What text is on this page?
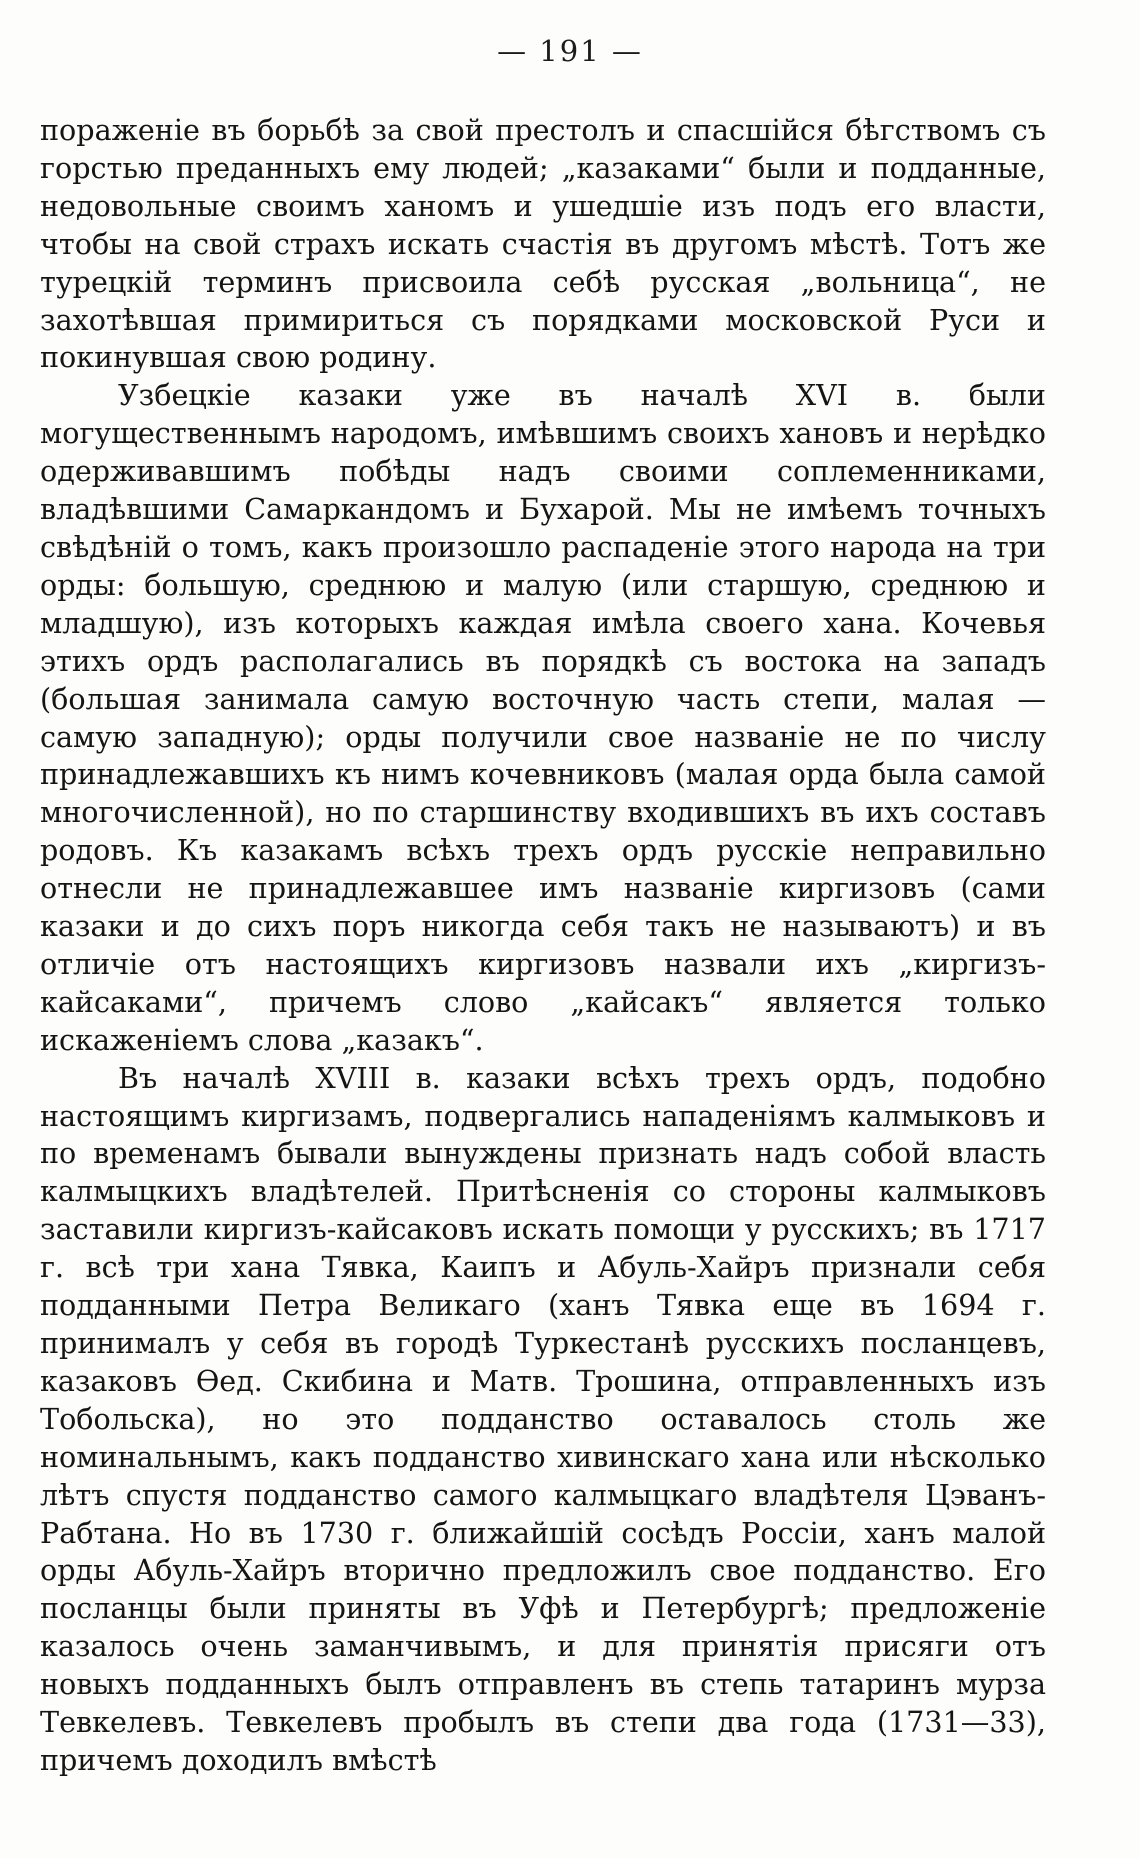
— 191 —

пораженіе въ борьбѣ за свой престолъ и спасшійся бѣгствомъ съ горстью преданныхъ ему людей; „казаками“ были и подданные, недовольные своимъ ханомъ и ушедшіе изъ подъ его власти, чтобы на свой страхъ искать счастія въ другомъ мѣстѣ. Тотъ же турецкій терминъ присвоила себѣ русская „вольница“, не захотѣвшая примириться съ порядками московской Руси и покинувшая свою родину.

Узбецкіе казаки уже въ началѣ XVI в. были могущественнымъ народомъ, имѣвшимъ своихъ хановъ и нерѣдко одерживавшимъ побѣды надъ своими соплеменниками, владѣвшими Самаркандомъ и Бухарой. Мы не имѣемъ точныхъ свѣдѣній о томъ, какъ произошло распаденіе этого народа на три орды: большую, среднюю и малую (или старшую, среднюю и младшую), изъ которыхъ каждая имѣла своего хана. Кочевья этихъ ордъ располагались въ порядкѣ съ востока на западъ (большая занимала самую восточную часть степи, малая — самую западную); орды получили свое названіе не по числу принадлежавшихъ къ нимъ кочевниковъ (малая орда была самой многочисленной), но по старшинству входившихъ въ ихъ составъ родовъ. Къ казакамъ всѣхъ трехъ ордъ русскіе неправильно отнесли не принадлежавшее имъ названіе киргизовъ (сами казаки и до сихъ поръ никогда себя такъ не называютъ) и въ отличіе отъ настоящихъ киргизовъ назвали ихъ „киргизъ-кайсаками“, причемъ слово „кайсакъ“ является только искаженіемъ слова „казакъ“.

Въ началѣ XVIII в. казаки всѣхъ трехъ ордъ, подобно настоящимъ киргизамъ, подвергались нападеніямъ калмыковъ и по временамъ бывали вынуждены признать надъ собой власть калмыцкихъ владѣтелей. Притѣсненія со стороны калмыковъ заставили киргизъ-кайсаковъ искать помощи у русскихъ; въ 1717 г. всѣ три хана Тявка, Каипъ и Абуль-Хайръ признали себя подданными Петра Великаго (ханъ Тявка еще въ 1694 г. принималъ у себя въ городѣ Туркестанѣ русскихъ посланцевъ, казаковъ Ѳед. Скибина и Матв. Трошина, отправленныхъ изъ Тобольска), но это подданство оставалось столь же номинальнымъ, какъ подданство хивинскаго хана или нѣсколько лѣтъ спустя подданство самого калмыцкаго владѣтеля Цэванъ-Рабтана. Но въ 1730 г. ближайшій сосѣдъ Россіи, ханъ малой орды Абуль-Хайръ вторично предложилъ свое подданство. Его посланцы были приняты въ Уфѣ и Петербургѣ; предложеніе казалось очень заманчивымъ, и для принятія присяги отъ новыхъ подданныхъ былъ отправленъ въ степь татаринъ мурза Тевкелевъ. Тевкелевъ пробылъ въ степи два года (1731—33), причемъ доходилъ вмѣстѣ
